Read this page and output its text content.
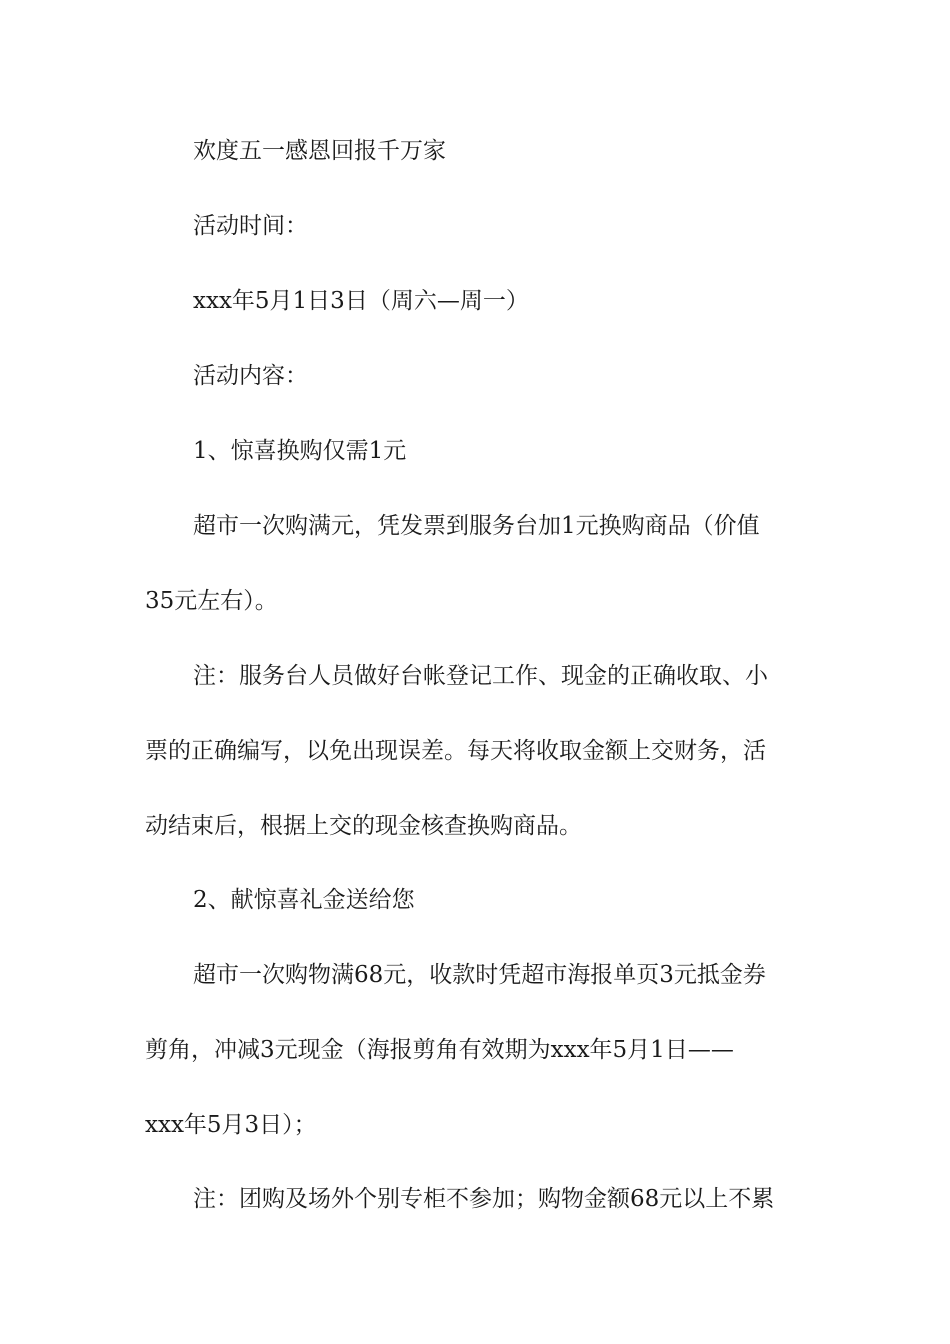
欢度五一感恩回报千万家

活动时间：

xxx年5月1日3日（周六—周一）

活动内容：

1、惊喜换购仅需1元

超市一次购满元，凭发票到服务台加1元换购商品（价值

35元左右）。

注：服务台人员做好台帐登记工作、现金的正确收取、小

票的正确编写，以免出现误差。每天将收取金额上交财务，活

动结束后，根据上交的现金核查换购商品。

2、献惊喜礼金送给您

超市一次购物满68元，收款时凭超市海报单页3元抵金券

剪角，冲减3元现金（海报剪角有效期为xxx年5月1日——

xxx年5月3日）；

注：团购及场外个别专柜不参加；购物金额68元以上不累
